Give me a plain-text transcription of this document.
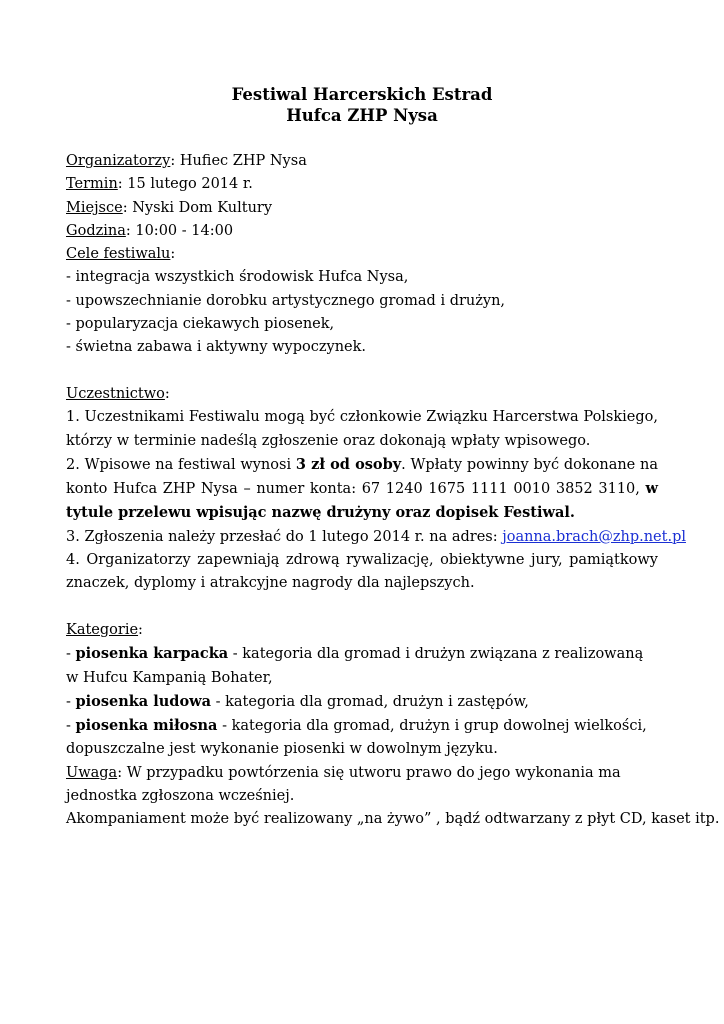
Festiwal Harcerskich Estrad

Hufca ZHP Nysa

Organizatorzy: Hufiec ZHP Nysa
Termin: 15 lutego 2014 r.
Miejsce: Nyski Dom Kultury
Godzina: 10:00 - 14:00
Cele festiwalu:
- integracja wszystkich środowisk Hufca Nysa,
- upowszechnianie dorobku artystycznego gromad i drużyn,
- popularyzacja ciekawych piosenek,
- świetna zabawa i aktywny wypoczynek.
Uczestnictwo:
1. Uczestnikami Festiwalu mogą być członkowie Związku Harcerstwa Polskiego, którzy w terminie nadeślą zgłoszenie oraz dokonają wpłaty wpisowego.
2. Wpisowe na festiwal wynosi 3 zł od osoby. Wpłaty powinny być dokonane na konto Hufca ZHP Nysa – numer konta: 67 1240 1675 1111 0010 3852 3110, w tytule przelewu wpisując nazwę drużyny oraz dopisek Festiwal.
3. Zgłoszenia należy przesłać do 1 lutego 2014 r. na adres: joanna.brach@zhp.net.pl
4. Organizatorzy zapewniają zdrową rywalizację, obiektywne jury, pamiątkowy znaczek, dyplomy i atrakcyjne nagrody dla najlepszych.
Kategorie:
- piosenka karpacka - kategoria dla gromad i drużyn związana z realizowaną w Hufcu Kampanią Bohater,
- piosenka ludowa - kategoria dla gromad, drużyn i zastępów,
- piosenka miłosna - kategoria dla gromad, drużyn i grup dowolnej wielkości, dopuszczalne jest wykonanie piosenki w dowolnym języku.
Uwaga: W przypadku powtórzenia się utworu prawo do jego wykonania ma jednostka zgłoszona wcześniej.
Akompaniament może być realizowany „na żywo” , bądź odtwarzany z płyt CD, kaset itp.
